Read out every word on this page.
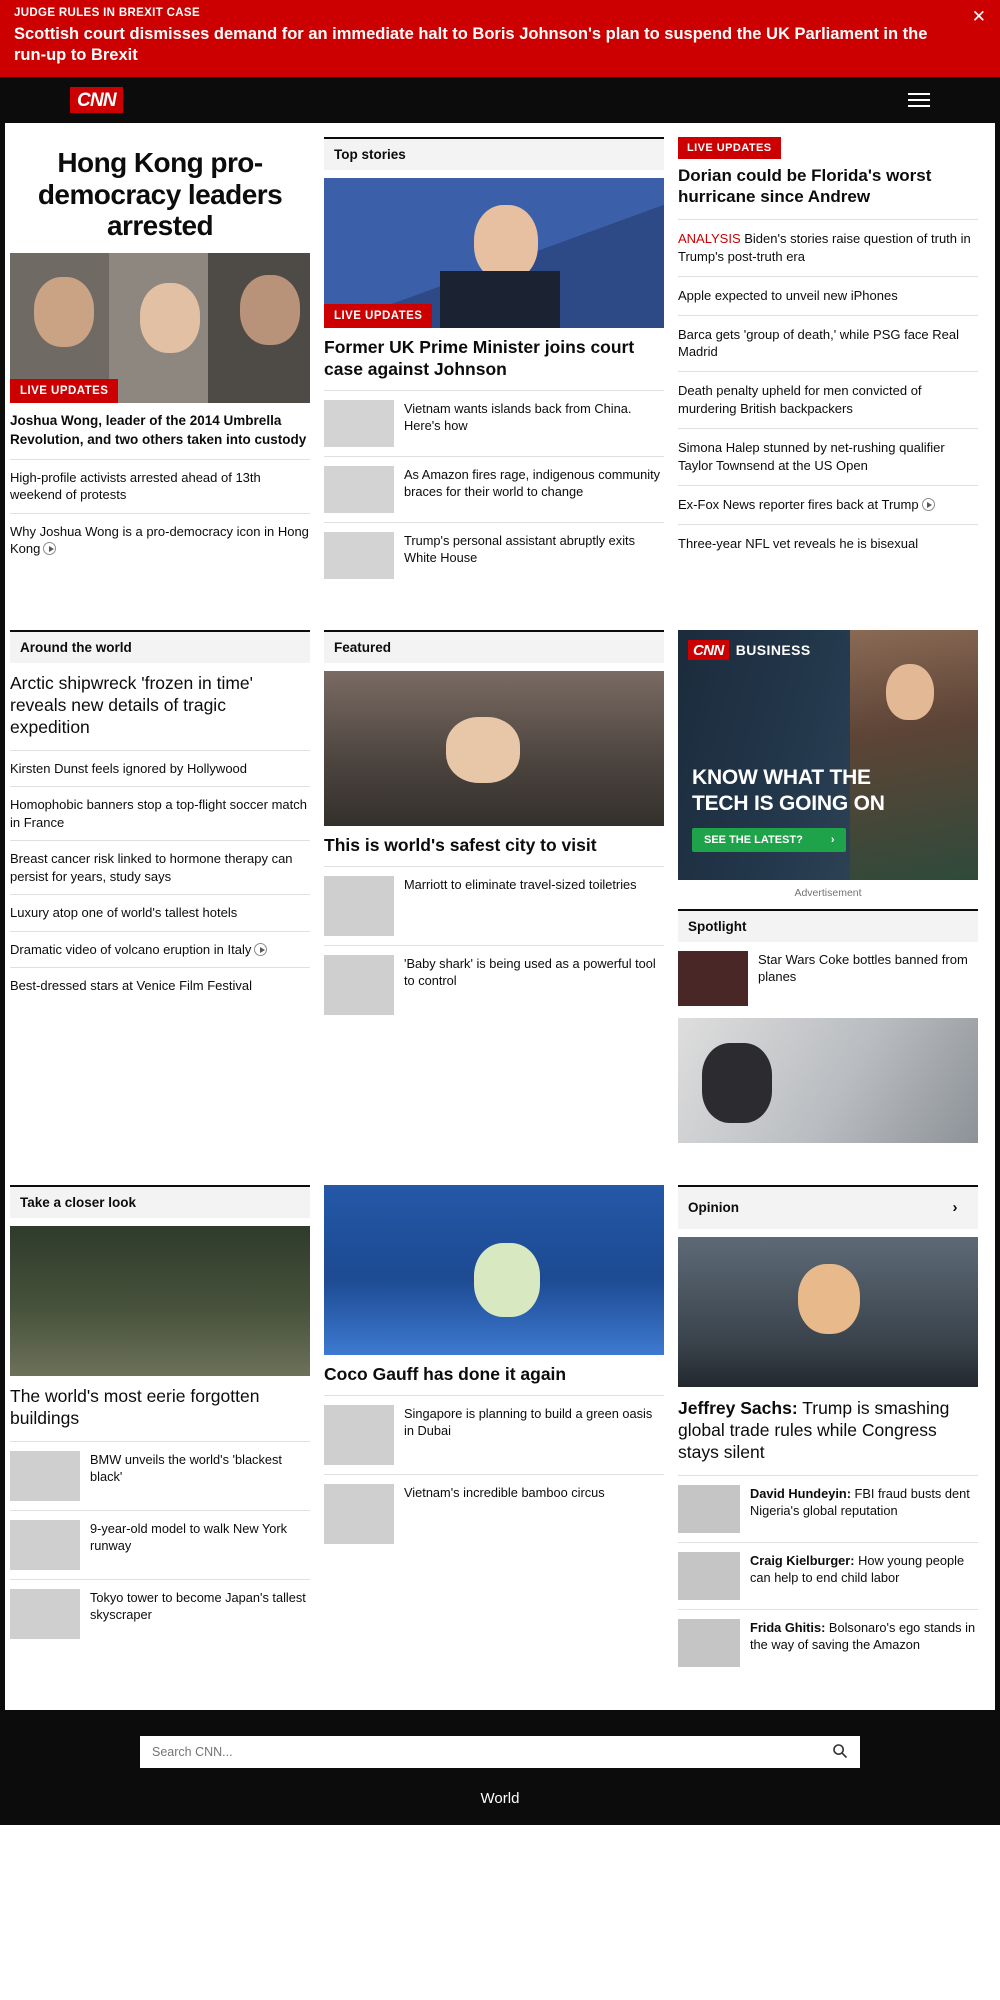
JUDGE RULES IN BREXIT CASE
Scottish court dismisses demand for an immediate halt to Boris Johnson's plan to suspend the UK Parliament in the run-up to Brexit
✕
CNN
Hong Kong pro-democracy leaders arrested
LIVE UPDATES
Joshua Wong, leader of the 2014 Umbrella Revolution, and two others taken into custody
High-profile activists arrested ahead of 13th weekend of protests
Why Joshua Wong is a pro-democracy icon in Hong Kong
Top stories
LIVE UPDATES
Former UK Prime Minister joins court case against Johnson
Vietnam wants islands back from China. Here's how
As Amazon fires rage, indigenous community braces for their world to change
Trump's personal assistant abruptly exits White House
LIVE UPDATES
Dorian could be Florida's worst hurricane since Andrew
ANALYSIS Biden's stories raise question of truth in Trump's post-truth era
Apple expected to unveil new iPhones
Barca gets 'group of death,' while PSG face Real Madrid
Death penalty upheld for men convicted of murdering British backpackers
Simona Halep stunned by net-rushing qualifier Taylor Townsend at the US Open
Ex-Fox News reporter fires back at Trump
Three-year NFL vet reveals he is bisexual
Around the world
Arctic shipwreck 'frozen in time' reveals new details of tragic expedition
Kirsten Dunst feels ignored by Hollywood
Homophobic banners stop a top-flight soccer match in France
Breast cancer risk linked to hormone therapy can persist for years, study says
Luxury atop one of world's tallest hotels
Dramatic video of volcano eruption in Italy
Best-dressed stars at Venice Film Festival
Featured
This is world's safest city to visit
Marriott to eliminate travel-sized toiletries
'Baby shark' is being used as a powerful tool to control
CNN BUSINESS
KNOW WHAT THE
TECH IS GOING ON
SEE THE LATEST?	›
Advertisement
Spotlight
Star Wars Coke bottles banned from planes
Take a closer look
The world's most eerie forgotten buildings
BMW unveils the world's 'blackest black'
9-year-old model to walk New York runway
Tokyo tower to become Japan's tallest skyscraper
Coco Gauff has done it again
Singapore is planning to build a green oasis in Dubai
Vietnam's incredible bamboo circus
Opinion	›
Jeffrey Sachs: Trump is smashing global trade rules while Congress stays silent
David Hundeyin: FBI fraud busts dent Nigeria's global reputation
Craig Kielburger: How young people can help to end child labor
Frida Ghitis: Bolsonaro's ego stands in the way of saving the Amazon
Search CNN...
World
